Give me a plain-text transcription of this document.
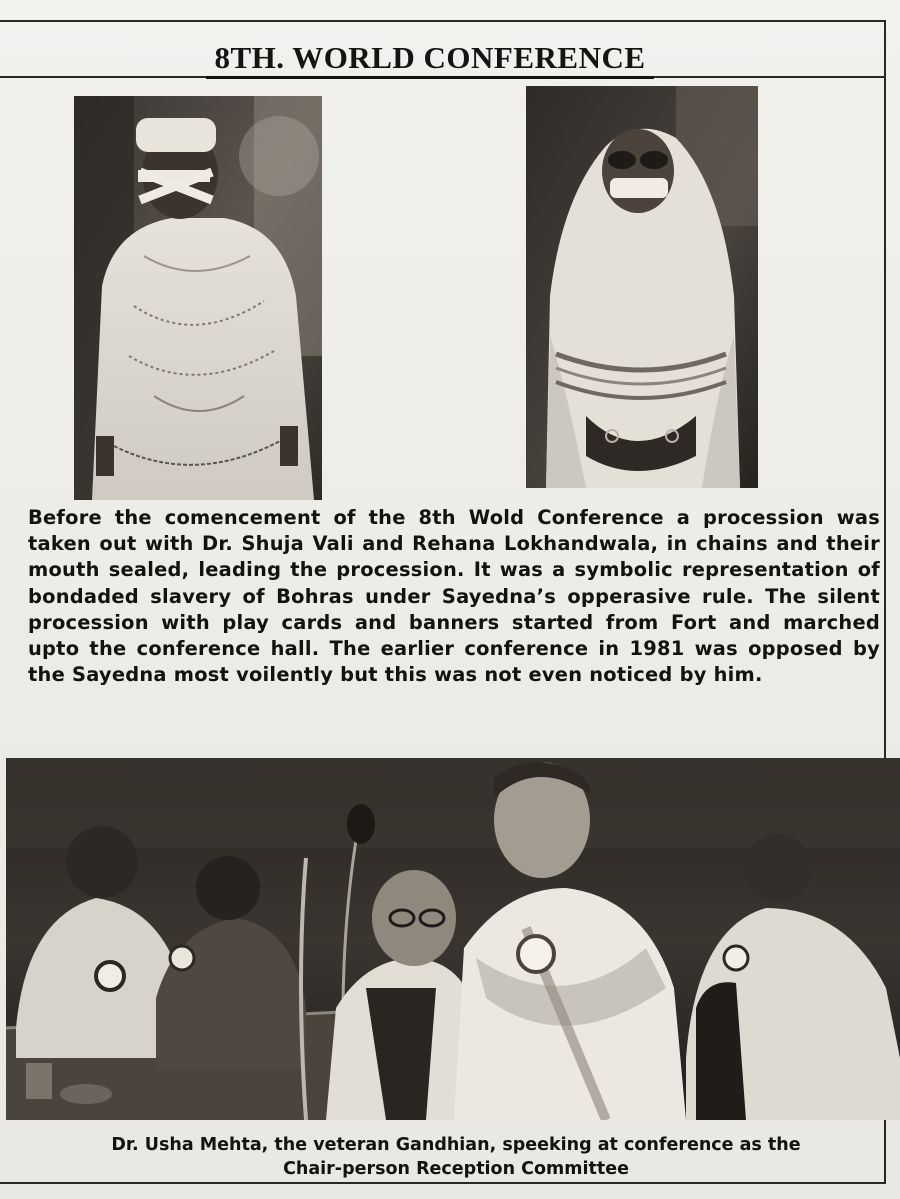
8TH. WORLD CONFERENCE

Before the comencement of the 8th Wold Conference a procession was taken out with Dr. Shuja Vali and Rehana Lokhandwala, in chains and their mouth sealed, leading the procession. It was a symbolic representation of bondaded slavery of Bohras under Sayedna’s opperasive rule. The silent procession with play cards and banners started from Fort and marched upto the conference hall. The earlier conference in 1981 was opposed by the Sayedna most voilently but this was not even noticed by him.

Dr. Usha Mehta, the veteran Gandhian, speeking at conference as the
Chair-person Reception Committee
